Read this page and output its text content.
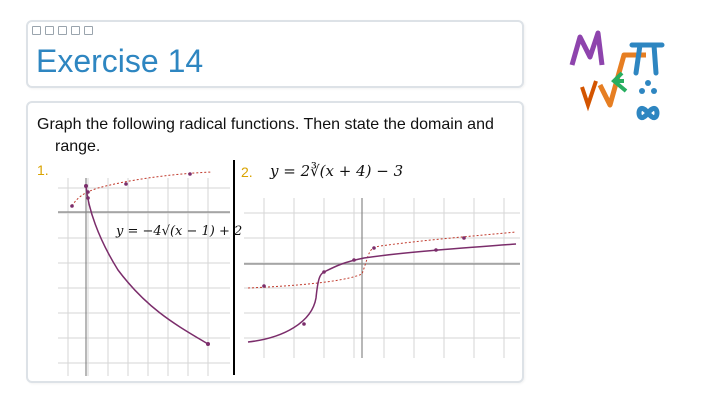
Exercise 14
Graph the following radical functions. Then state the domain and range.
1.	2.
y = −4√(x − 1) + 2
y = 2∛(x + 4) − 3
